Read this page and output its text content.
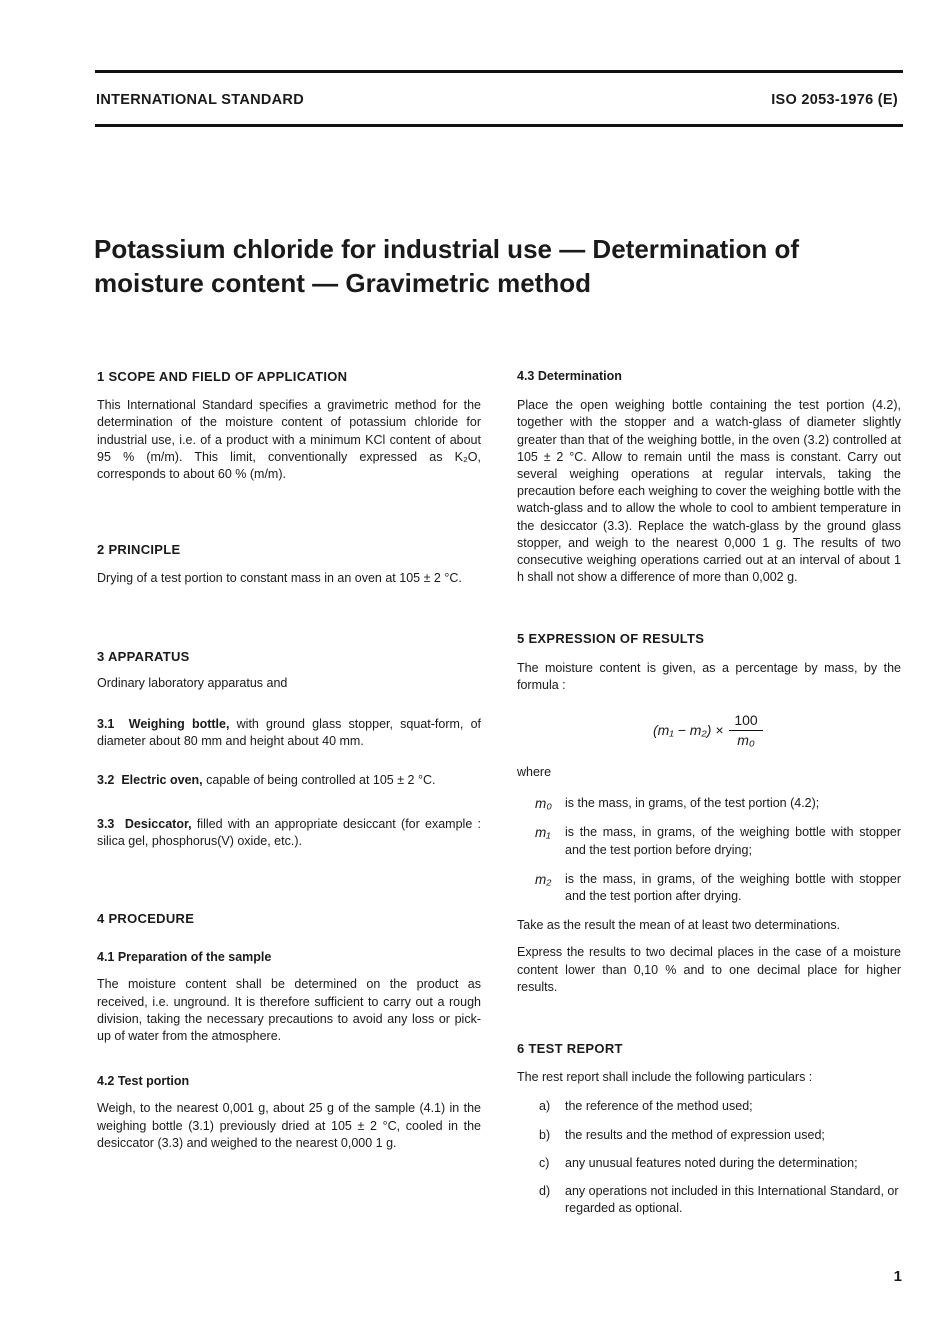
INTERNATIONAL STANDARD	ISO 2053-1976 (E)
Potassium chloride for industrial use — Determination of moisture content — Gravimetric method
1 SCOPE AND FIELD OF APPLICATION

This International Standard specifies a gravimetric method for the determination of the moisture content of potassium chloride for industrial use, i.e. of a product with a minimum KCl content of about 95 % (m/m). This limit, conventionally expressed as K₂O, corresponds to about 60 % (m/m).

2 PRINCIPLE

Drying of a test portion to constant mass in an oven at 105 ± 2 °C.

3 APPARATUS

Ordinary laboratory apparatus and

3.1 Weighing bottle, with ground glass stopper, squat-form, of diameter about 80 mm and height about 40 mm.

3.2 Electric oven, capable of being controlled at 105 ± 2 °C.

3.3 Desiccator, filled with an appropriate desiccant (for example : silica gel, phosphorus(V) oxide, etc.).

4 PROCEDURE
4.1 Preparation of the sample

The moisture content shall be determined on the product as received, i.e. unground. It is therefore sufficient to carry out a rough division, taking the necessary precautions to avoid any loss or pick-up of water from the atmosphere.

4.2 Test portion

Weigh, to the nearest 0,001 g, about 25 g of the sample (4.1) in the weighing bottle (3.1) previously dried at 105 ± 2 °C, cooled in the desiccator (3.3) and weighed to the nearest 0,000 1 g.

4.3 Determination

Place the open weighing bottle containing the test portion (4.2), together with the stopper and a watch-glass of diameter slightly greater than that of the weighing bottle, in the oven (3.2) controlled at 105 ± 2 °C. Allow to remain until the mass is constant. Carry out several weighing operations at regular intervals, taking the precaution before each weighing to cover the weighing bottle with the watch-glass and to allow the whole to cool to ambient temperature in the desiccator (3.3). Replace the watch-glass by the ground glass stopper, and weigh to the nearest 0,000 1 g. The results of two consecutive weighing operations carried out at an interval of about 1 h shall not show a difference of more than 0,002 g.

5 EXPRESSION OF RESULTS

The moisture content is given, as a percentage by mass, by the formula :

$(m_1 - m_2) \times \frac{100}{\text{m₀}}$

where

m₀	is the mass, in grams, of the test portion (4.2);
m₁	is the mass, in grams, of the weighing bottle with stopper and the test portion before drying;
m₂	is the mass, in grams, of the weighing bottle with stopper and the test portion after drying.

Take as the result the mean of at least two determinations.

Express the results to two decimal places in the case of a moisture content lower than 0,10 % and to one decimal place for higher results.

6 TEST REPORT

The rest report shall include the following particulars :

a)	the reference of the method used;
b)	the results and the method of expression used;
c)	any unusual features noted during the determination;
d)	any operations not included in this International Standard, or regarded as optional.
1
